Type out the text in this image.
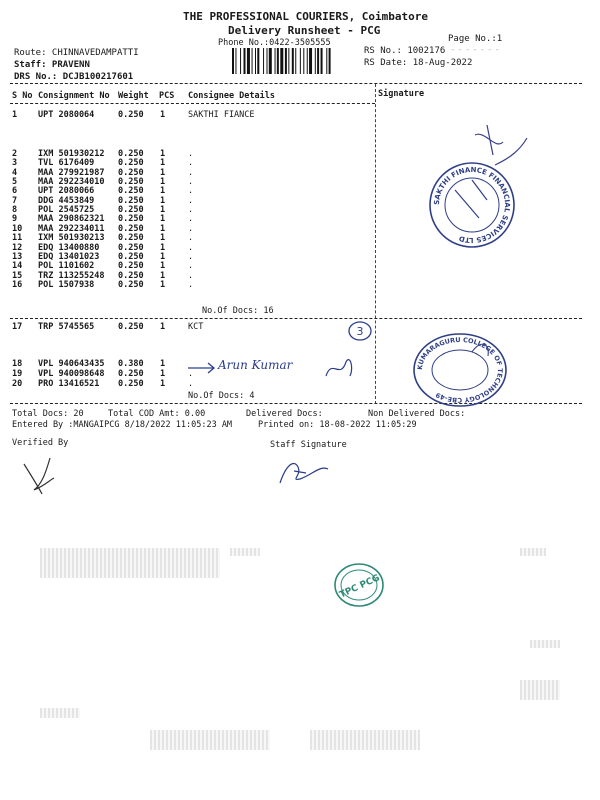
THE PROFESSIONAL COURIERS, Coimbatore
Delivery Runsheet - PCG
Phone No.:0422-3505555	Page No.:1
-------
Route: CHINNAVEDAMPATTI
Staff: PRAVENN
DRS No.: DCJB100217601
RS No.: 1002176
RS Date: 18-Aug-2022
S No Consignment No Weight PCS Consignee Details	Signature
1 UPT 2080064	0.250 1	SAKTHI FIANCE
2 IXM 501930212 0.250 1	.
3 TVL 6176409	0.250 1	.
4 MAA 279921987 0.250 1	.
5 MAA 292234010 0.250 1	.
6 UPT 2080066	0.250 1	.
7 DDG 4453849	0.250 1	.
8 POL 2545725	0.250 1	.
9 MAA 290862321 0.250 1	.
10 MAA 292234011 0.250 1	.
11 IXM 501930213 0.250 1	.
12 EDQ 13400880 0.250 1	.
13 EDQ 13401023 0.250 1	.
14 POL 1101602	0.250 1	.
15 TRZ 113255248 0.250 1	.
16 POL 1507938	0.250 1	.
No.Of Docs: 16
SAKTHI FINANCE FINANCIAL SERVICES LTD
17 TRP 5745565	0.250 1	KCT
18 VPL 940643435 0.380 1
19 VPL 940098648 0.250 1	.
20 PRO 13416521 0.250 1	.
No.Of Docs: 4
3
Arun Kumar	KUMARAGURU COLLEGE OF TECHNOLOGY CBE-49
Total Docs: 20	Total COD Amt: 0.00	Delivered Docs:	Non Delivered Docs:
Entered By :MANGAIPCG 8/18/2022 11:05:23 AM	Printed on: 18-08-2022 11:05:29
Verified By	Staff Signature
TPC PCG
